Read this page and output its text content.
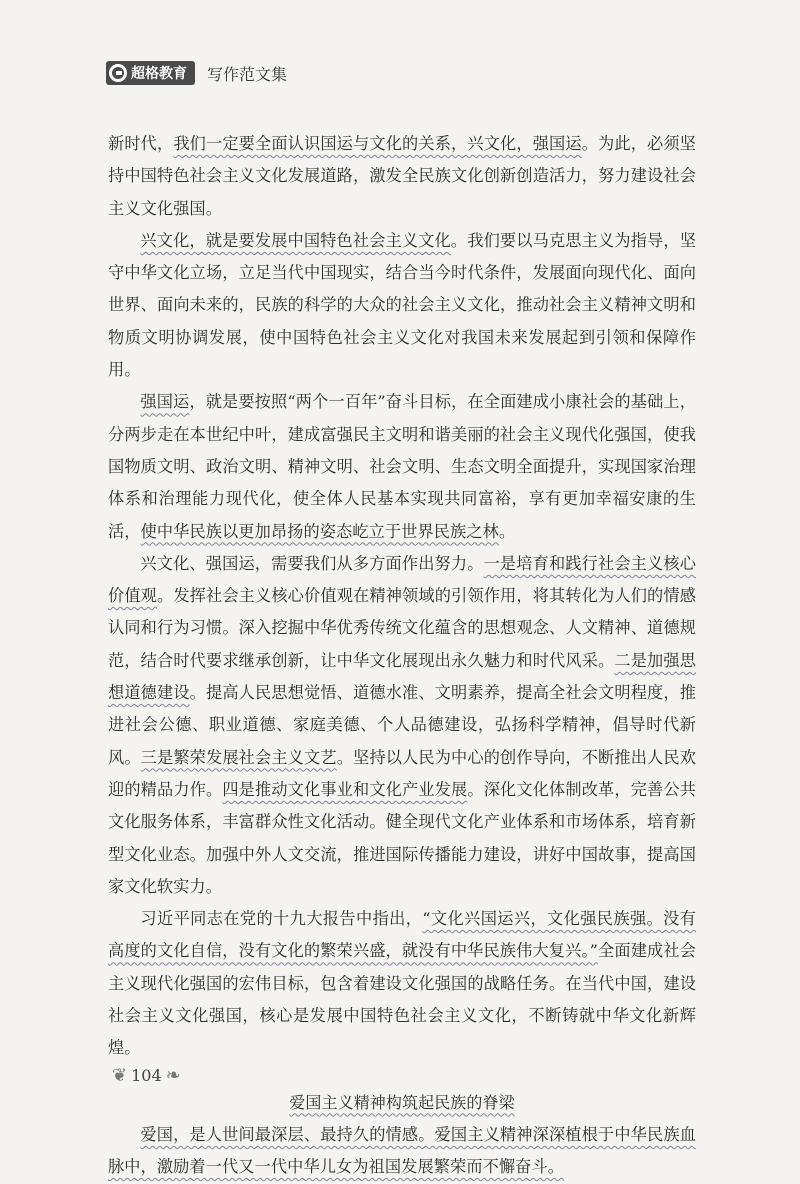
超格教育 写作范文集

新时代，我们一定要全面认识国运与文化的关系，兴文化，强国运。为此，必须坚持中国特色社会主义文化发展道路，激发全民族文化创新创造活力，努力建设社会主义文化强国。

兴文化，就是要发展中国特色社会主义文化。我们要以马克思主义为指导，坚守中华文化立场，立足当代中国现实，结合当今时代条件，发展面向现代化、面向世界、面向未来的，民族的科学的大众的社会主义文化，推动社会主义精神文明和物质文明协调发展，使中国特色社会主义文化对我国未来发展起到引领和保障作用。

强国运，就是要按照“两个一百年”奋斗目标，在全面建成小康社会的基础上，分两步走在本世纪中叶，建成富强民主文明和谐美丽的社会主义现代化强国，使我国物质文明、政治文明、精神文明、社会文明、生态文明全面提升，实现国家治理体系和治理能力现代化，使全体人民基本实现共同富裕，享有更加幸福安康的生活，使中华民族以更加昂扬的姿态屹立于世界民族之林。

兴文化、强国运，需要我们从多方面作出努力。一是培育和践行社会主义核心价值观。发挥社会主义核心价值观在精神领域的引领作用，将其转化为人们的情感认同和行为习惯。深入挖掘中华优秀传统文化蕴含的思想观念、人文精神、道德规范，结合时代要求继承创新，让中华文化展现出永久魅力和时代风采。二是加强思想道德建设。提高人民思想觉悟、道德水准、文明素养，提高全社会文明程度，推进社会公德、职业道德、家庭美德、个人品德建设，弘扬科学精神，倡导时代新风。三是繁荣发展社会主义文艺。坚持以人民为中心的创作导向，不断推出人民欢迎的精品力作。四是推动文化事业和文化产业发展。深化文化体制改革，完善公共文化服务体系，丰富群众性文化活动。健全现代文化产业体系和市场体系，培育新型文化业态。加强中外人文交流，推进国际传播能力建设，讲好中国故事，提高国家文化软实力。

习近平同志在党的十九大报告中指出，“文化兴国运兴，文化强民族强。没有高度的文化自信，没有文化的繁荣兴盛，就没有中华民族伟大复兴。”全面建成社会主义现代化强国的宏伟目标，包含着建设文化强国的战略任务。在当代中国，建设社会主义文化强国，核心是发展中国特色社会主义文化，不断铸就中华文化新辉煌。

爱国主义精神构筑起民族的脊梁

爱国，是人世间最深层、最持久的情感。爱国主义精神深深植根于中华民族血脉中，激励着一代又一代中华儿女为祖国发展繁荣而不懈奋斗。

❦ 104 ❧
